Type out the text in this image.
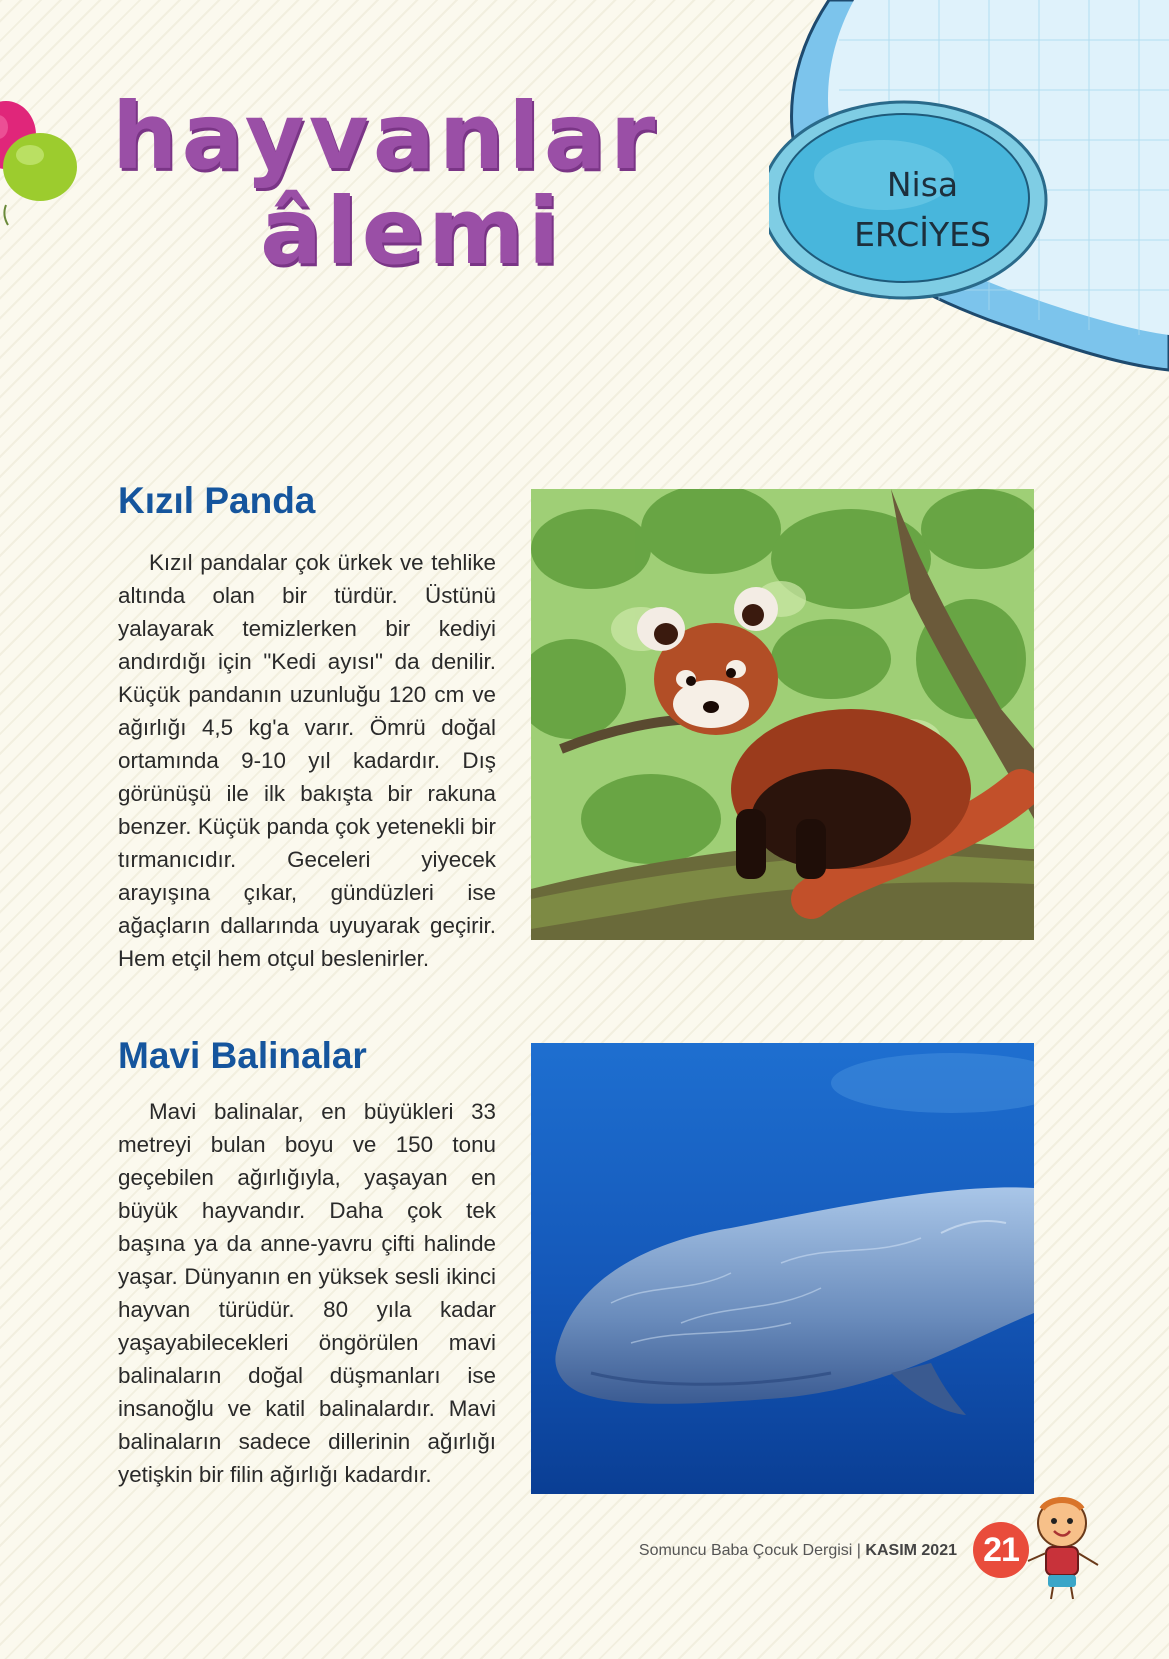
hayvanlar
âlemi	Nisa
ERCİYES
Kızıl Panda

Kızıl pandalar çok ürkek ve tehlike altında olan bir türdür. Üstünü yalayarak temizlerken bir kediyi andırdığı için "Kedi ayısı" da denilir. Küçük pandanın uzunluğu 120 cm ve ağırlığı 4,5 kg'a varır. Ömrü doğal ortamında 9-10 yıl kadardır. Dış görünüşü ile ilk bakışta bir rakuna benzer. Küçük panda çok yetenekli bir tırmanıcıdır. Geceleri yiyecek arayışına çıkar, gündüzleri ise ağaçların dallarında uyuyarak geçirir. Hem etçil hem otçul beslenirler.

Mavi Balinalar

Mavi balinalar, en büyükleri 33 metreyi bulan boyu ve 150 tonu geçebilen ağırlığıyla, yaşayan en büyük hayvandır. Daha çok tek başına ya da anne-yavru çifti halinde yaşar. Dünyanın en yüksek sesli ikinci hayvan türüdür. 80 yıla kadar yaşayabilecekleri öngörülen mavi balinaların doğal düşmanları ise insanoğlu ve katil balinalardır. Mavi balinaların sadece dillerinin ağırlığı yetişkin bir filin ağırlığı kadardır.

Somuncu Baba Çocuk Dergisi | KASIM 2021 21
